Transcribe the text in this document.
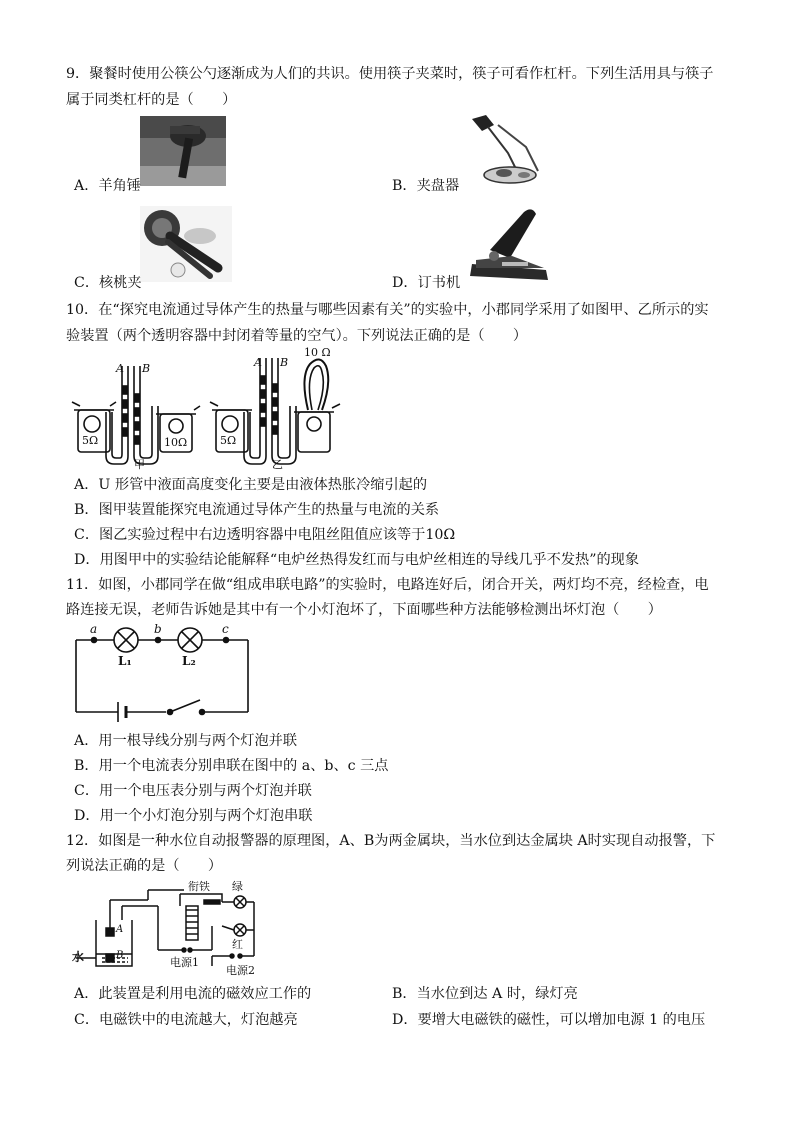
9．聚餐时使用公筷公勺逐渐成为人们的共识。使用筷子夹菜时，筷子可看作杠杆。下列生活用具与筷子
属于同类杠杆的是（　　）
A．羊角锤	B．夹盘器
C．核桃夹	D．订书机
10．在“探究电流通过导体产生的热量与哪些因素有关”的实验中，小郡同学采用了如图甲、乙所示的实
验装置（两个透明容器中封闭着等量的空气）。下列说法正确的是（　　）
A B	A B
5Ω	10Ω	5Ω
10 Ω
甲	乙
A．U 形管中液面高度变化主要是由液体热胀冷缩引起的
B．图甲装置能探究电流通过导体产生的热量与电流的关系
C．图乙实验过程中右边透明容器中电阻丝阻值应该等于10Ω
D．用图甲中的实验结论能解释“电炉丝热得发红而与电炉丝相连的导线几乎不发热”的现象
11．如图，小郡同学在做“组成串联电路”的实验时，电路连好后，闭合开关，两灯均不亮，经检查，电
路连接无误，老师告诉她是其中有一个小灯泡坏了，下面哪些种方法能够检测出坏灯泡（　　）
a	b	c
L₁	L₂
A．用一根导线分别与两个灯泡并联
B．用一个电流表分别串联在图中的 a、b、c 三点
C．用一个电压表分别与两个灯泡并联
D．用一个小灯泡分别与两个灯泡串联
12．如图是一种水位自动报警器的原理图，A、B为两金属块，当水位到达金属块 A时实现自动报警，下
列说法正确的是（　　）
水
A
B
衔铁 绿
红
电源1
电源2
A．此装置是利用电流的磁效应工作的	B．当水位到达 A 时，绿灯亮
C．电磁铁中的电流越大，灯泡越亮	D．要增大电磁铁的磁性，可以增加电源 1 的电压
